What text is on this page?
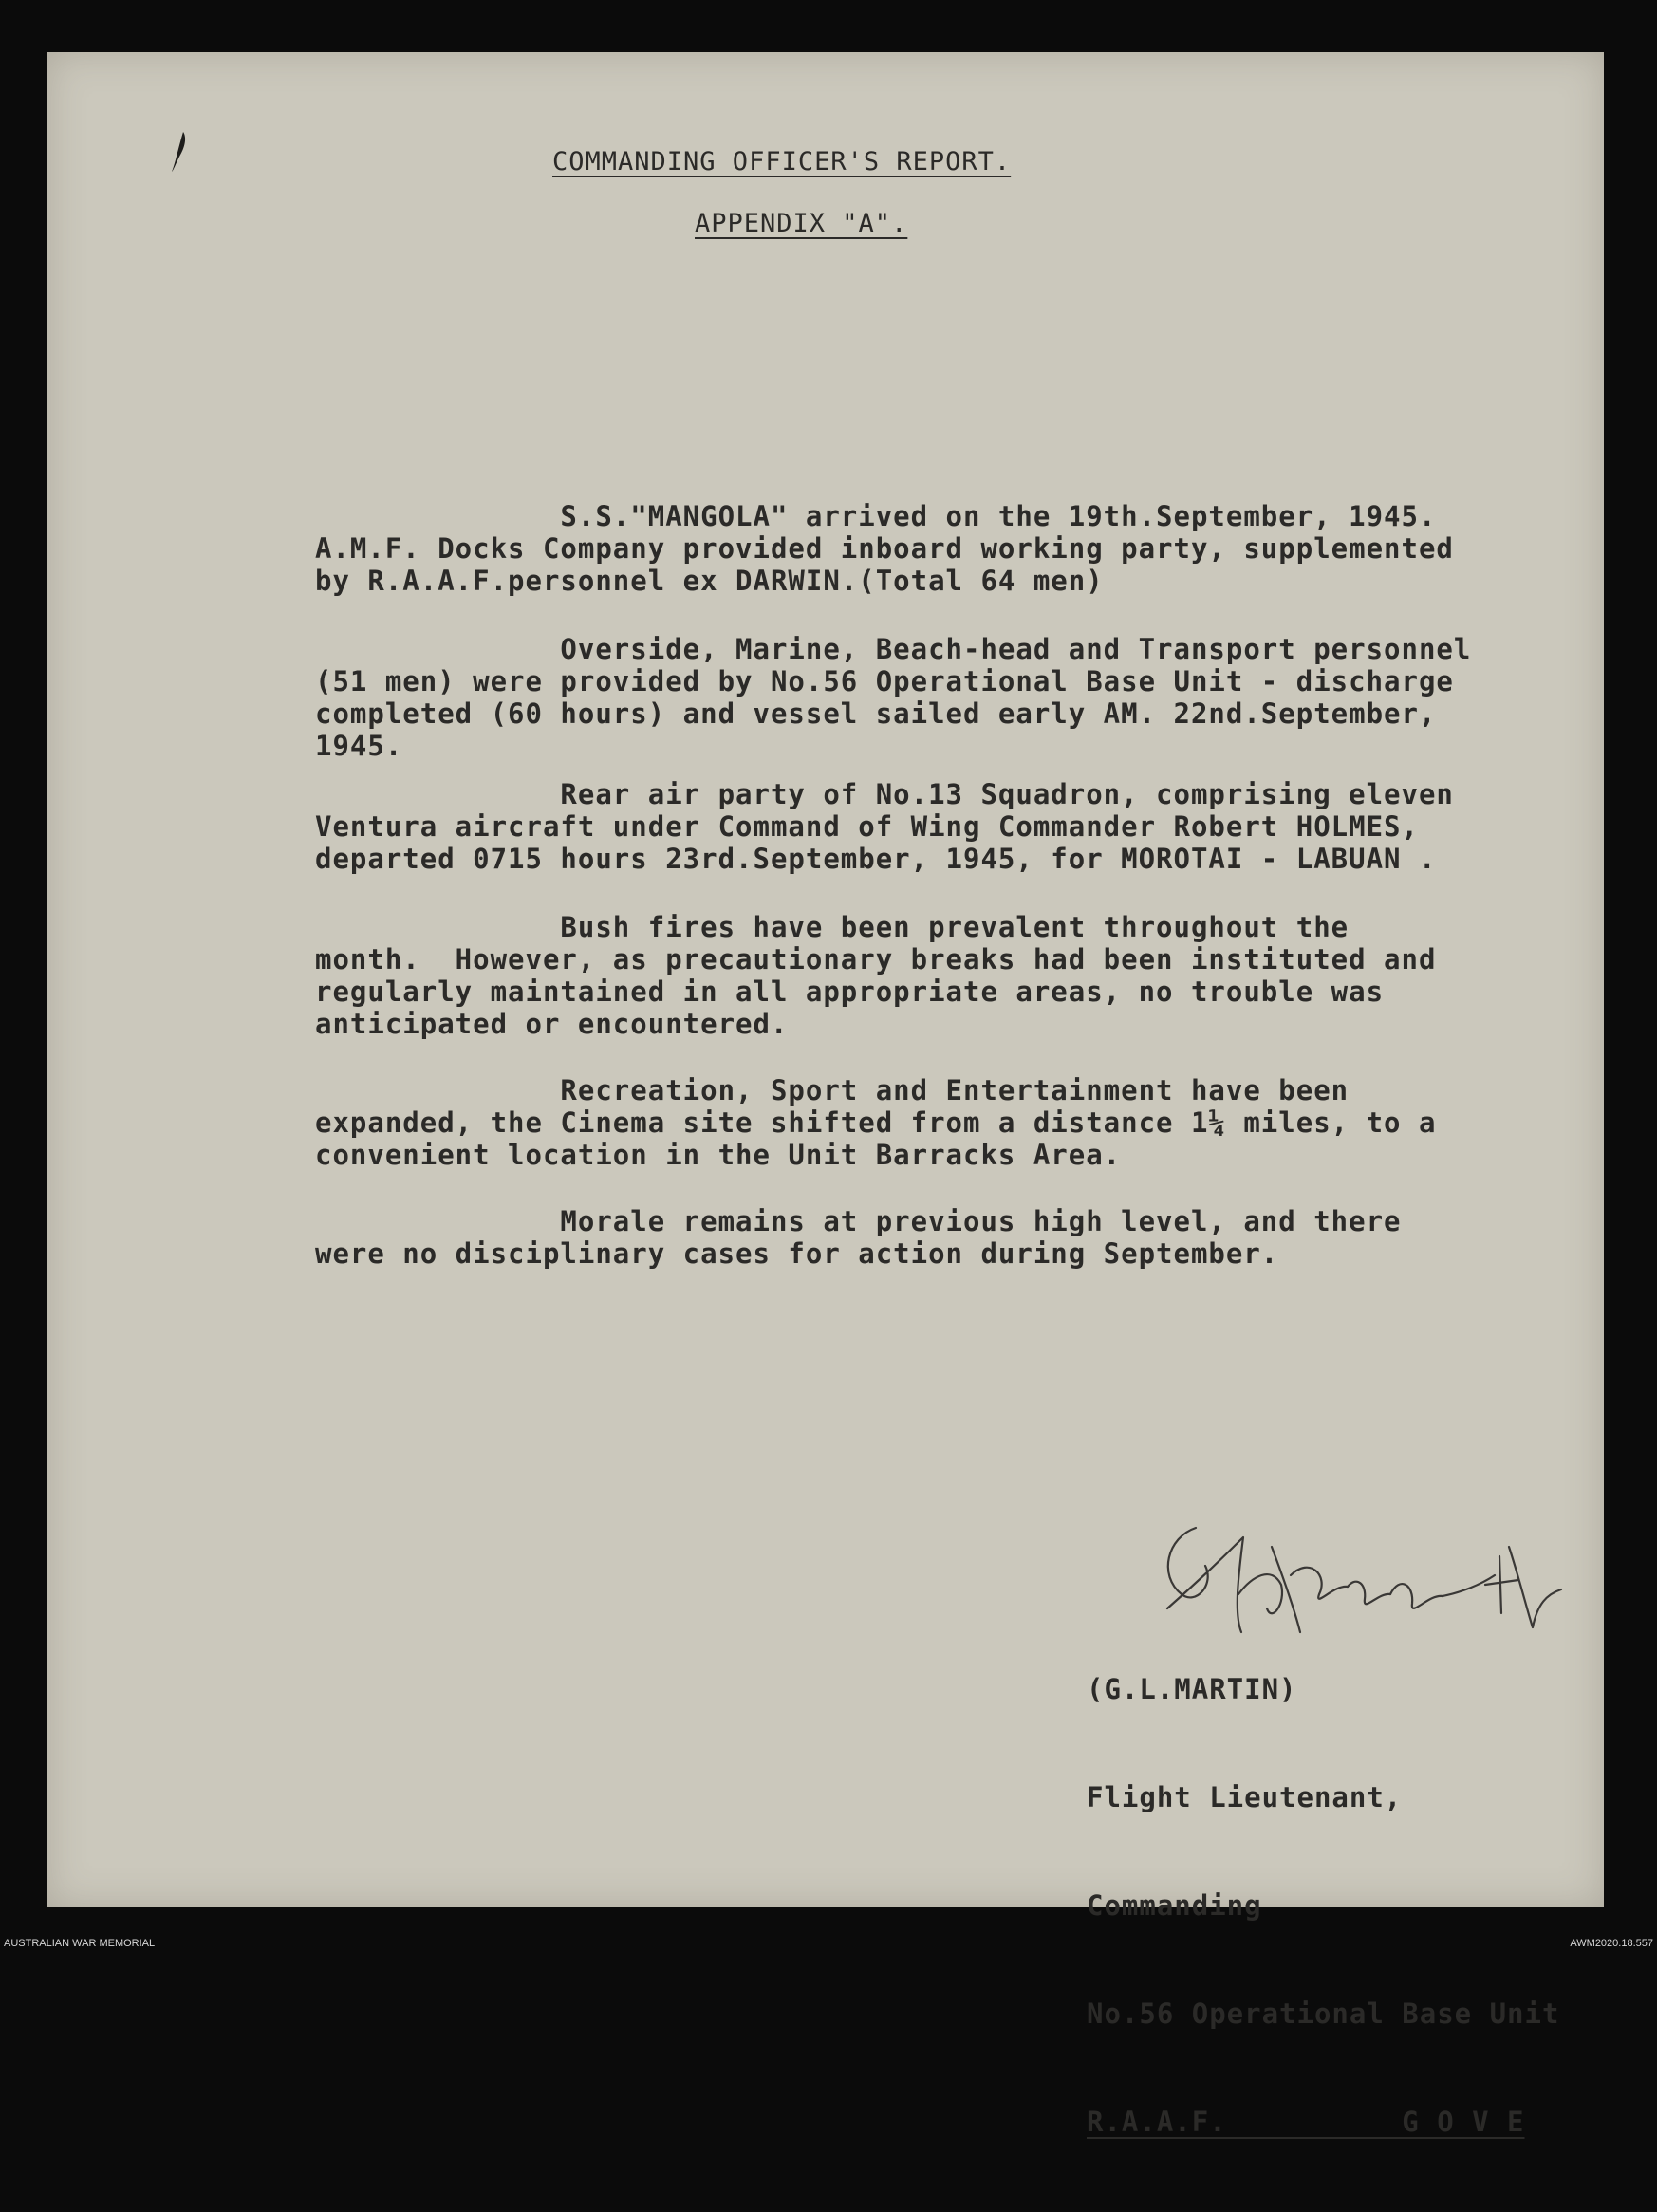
COMMANDING OFFICER'S REPORT.

APPENDIX "A".

S.S."MANGOLA" arrived on the 19th.September, 1945.
A.M.F. Docks Company provided inboard working party, supplemented
by R.A.A.F.personnel ex DARWIN.(Total 64 men)

Overside, Marine, Beach-head and Transport personnel
(51 men) were provided by No.56 Operational Base Unit - discharge
completed (60 hours) and vessel sailed early AM. 22nd.September,
1945.

Rear air party of No.13 Squadron, comprising eleven
Ventura aircraft under Command of Wing Commander Robert HOLMES,
departed 0715 hours 23rd.September, 1945, for MOROTAI - LABUAN .

Bush fires have been prevalent throughout the
month.  However, as precautionary breaks had been instituted and
regularly maintained in all appropriate areas, no trouble was
anticipated or encountered.

Recreation, Sport and Entertainment have been
expanded, the Cinema site shifted from a distance 1¼ miles, to a
convenient location in the Unit Barracks Area.

Morale remains at previous high level, and there
were no disciplinary cases for action during September.

(G.L.MARTIN)

Flight Lieutenant,

Commanding

No.56 Operational Base Unit

R.A.A.F.          G O V E

AUSTRALIAN WAR MEMORIAL	AWM2020.18.557
